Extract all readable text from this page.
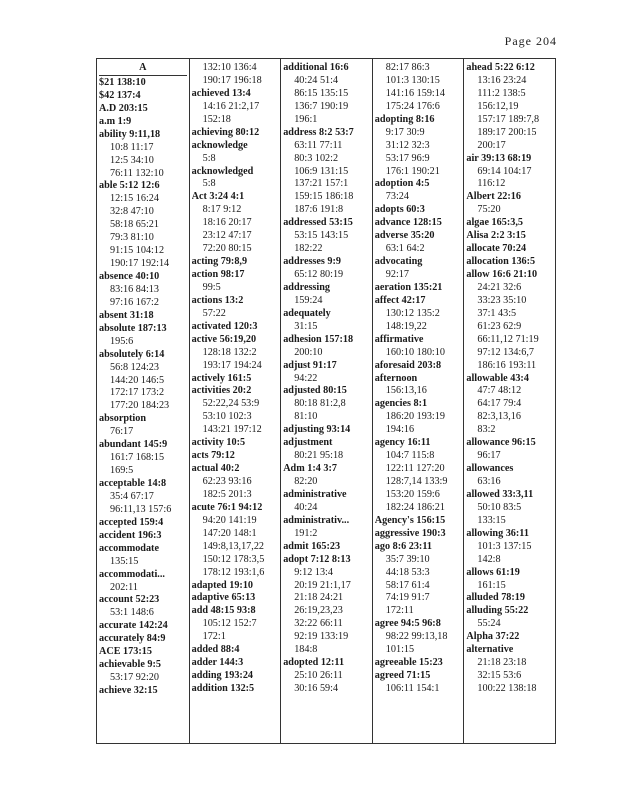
Page 204
A
$21 138:10
$42 137:4
A.D 203:15
a.m 1:9
ability 9:11,18
10:8 11:17
12:5 34:10
76:11 132:10
able 5:12 12:6
12:15 16:24
32:8 47:10
58:18 65:21
79:3 81:10
91:15 104:12
190:17 192:14
absence 40:10
83:16 84:13
97:16 167:2
absent 31:18
absolute 187:13
195:6
absolutely 6:14
56:8 124:23
144:20 146:5
172:17 173:2
177:20 184:23
absorption
76:17
abundant 145:9
161:7 168:15
169:5
acceptable 14:8
35:4 67:17
96:11,13 157:6
accepted 159:4
accident 196:3
accommodate
135:15
accommodati...
202:11
account 52:23
53:1 148:6
accurate 142:24
accurately 84:9
ACE 173:15
achievable 9:5
53:17 92:20
achieve 32:15
132:10 136:4
190:17 196:18
achieved 13:4
14:16 21:2,17
152:18
achieving 80:12
acknowledge
5:8
acknowledged
5:8
Act 3:24 4:1
8:17 9:12
18:16 20:17
23:12 47:17
72:20 80:15
acting 79:8,9
action 98:17
99:5
actions 13:2
57:22
activated 120:3
active 56:19,20
128:18 132:2
193:17 194:24
actively 161:5
activities 20:2
52:22,24 53:9
53:10 102:3
143:21 197:12
activity 10:5
acts 79:12
actual 40:2
62:23 93:16
182:5 201:3
acute 76:1 94:12
94:20 141:19
147:20 148:1
149:8,13,17,22
150:12 178:3,5
178:12 193:1,6
adapted 19:10
adaptive 65:13
add 48:15 93:8
105:12 152:7
172:1
added 88:4
adder 144:3
adding 193:24
addition 132:5
additional 16:6
40:24 51:4
86:15 135:15
136:7 190:19
196:1
address 8:2 53:7
63:11 77:11
80:3 102:2
106:9 131:15
137:21 157:1
159:15 186:18
187:6 191:8
addressed 53:15
53:15 143:15
182:22
addresses 9:9
65:12 80:19
addressing
159:24
adequately
31:15
adhesion 157:18
200:10
adjust 91:17
94:22
adjusted 80:15
80:18 81:2,8
81:10
adjusting 93:14
adjustment
80:21 95:18
Adm 1:4 3:7
82:20
administrative
40:24
administrativ...
191:2
admit 165:23
adopt 7:12 8:13
9:12 13:4
20:19 21:1,17
21:18 24:21
26:19,23,23
32:22 66:11
92:19 133:19
184:8
adopted 12:11
25:10 26:11
30:16 59:4
82:17 86:3
101:3 130:15
141:16 159:14
175:24 176:6
adopting 8:16
9:17 30:9
31:12 32:3
53:17 96:9
176:1 190:21
adoption 4:5
73:24
adopts 60:3
advance 128:15
adverse 35:20
63:1 64:2
advocating
92:17
aeration 135:21
affect 42:17
130:12 135:2
148:19,22
affirmative
160:10 180:10
aforesaid 203:8
afternoon
156:13,16
agencies 8:1
186:20 193:19
194:16
agency 16:11
104:7 115:8
122:11 127:20
128:7,14 133:9
153:20 159:6
182:24 186:21
Agency's 156:15
aggressive 190:3
ago 8:6 23:11
35:7 39:10
44:18 53:3
58:17 61:4
74:19 91:7
172:11
agree 94:5 96:8
98:22 99:13,18
101:15
agreeable 15:23
agreed 71:15
106:11 154:1
ahead 5:22 6:12
13:16 23:24
111:2 138:5
156:12,19
157:17 189:7,8
189:17 200:15
200:17
air 39:13 68:19
69:14 104:17
116:12
Albert 22:16
75:20
algae 165:3,5
Alisa 2:2 3:15
allocate 70:24
allocation 136:5
allow 16:6 21:10
24:21 32:6
33:23 35:10
37:1 43:5
61:23 62:9
66:11,12 71:19
97:12 134:6,7
186:16 193:11
allowable 43:4
47:7 48:12
64:17 79:4
82:3,13,16
83:2
allowance 96:15
96:17
allowances
63:16
allowed 33:3,11
50:10 83:5
133:15
allowing 36:11
101:3 137:15
142:8
allows 61:19
161:15
alluded 78:19
alluding 55:22
55:24
Alpha 37:22
alternative
21:18 23:18
32:15 53:6
100:22 138:18
